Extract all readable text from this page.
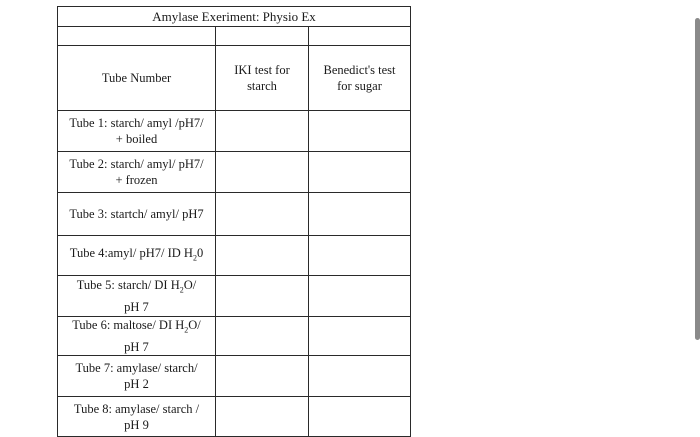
Amylase Exeriment: Physio Ex
Tube Number
IKI test for
starch
Benedict's test
for sugar
Tube 1: starch/ amyl /pH7/
+ boiled
Tube 2: starch/ amyl/ pH7/
+ frozen
Tube 3: startch/ amyl/ pH7
Tube 4:amyl/ pH7/ ID $H_20$
Tube 5: starch/ DI $H_2O/$
pH 7
Tube 6: maltose/ DI $H_2O/$
pH 7
Tube 7: amylase/ starch/
pH 2
Tube 8: amylase/ starch /
pH 9
